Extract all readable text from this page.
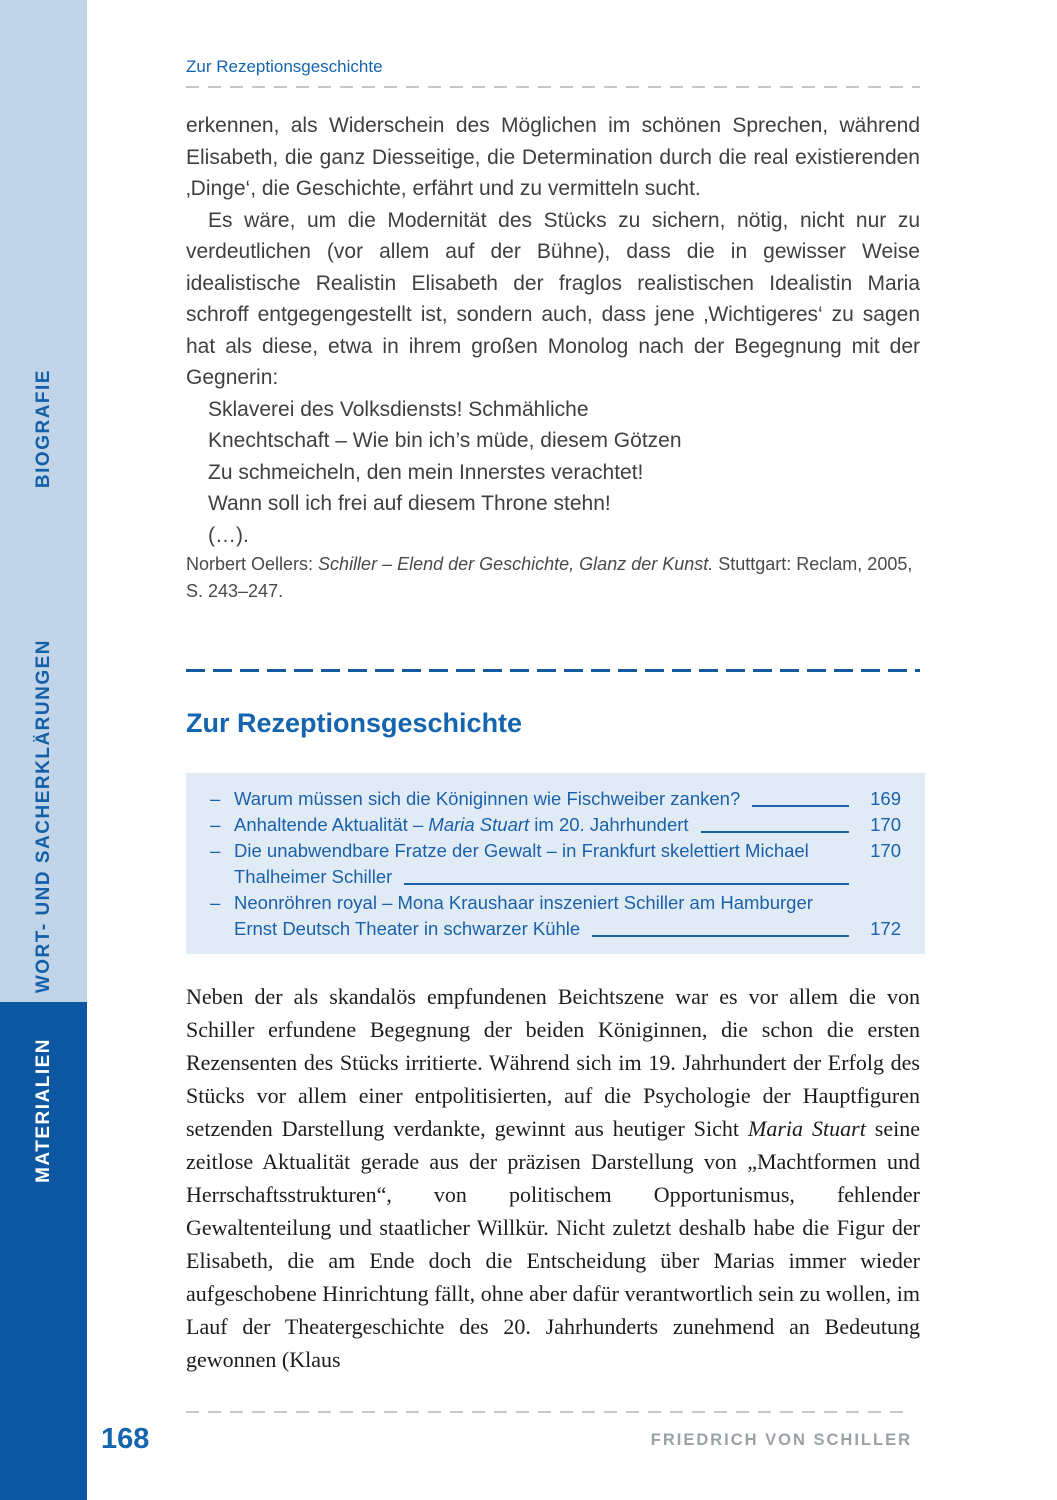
BIOGRAFIE
WORT- UND SACHERKLÄRUNGEN
MATERIALIEN
Zur Rezeptionsgeschichte

erkennen, als Widerschein des Möglichen im schönen Sprechen, während Elisabeth, die ganz Diesseitige, die Determination durch die real existierenden ‚Dinge‘, die Geschichte, erfährt und zu vermitteln sucht.

Es wäre, um die Modernität des Stücks zu sichern, nötig, nicht nur zu verdeutlichen (vor allem auf der Bühne), dass die in gewisser Weise idealistische Realistin Elisabeth der fraglos realistischen Idealistin Maria schroff entgegengestellt ist, sondern auch, dass jene ‚Wichtigeres‘ zu sagen hat als diese, etwa in ihrem großen Monolog nach der Begegnung mit der Gegnerin:

Sklaverei des Volksdiensts! Schmähliche
Knechtschaft – Wie bin ich’s müde, diesem Götzen
Zu schmeicheln, den mein Innerstes verachtet!
Wann soll ich frei auf diesem Throne stehn!
(…).

Norbert Oellers: Schiller – Elend der Geschichte, Glanz der Kunst. Stuttgart: Reclam, 2005, S. 243–247.

Zur Rezeptionsgeschichte
– Warum müssen sich die Königinnen wie Fischweiber zanken?	169
– Anhaltende Aktualität – Maria Stuart im 20. Jahrhundert	170
– Die unabwendbare Fratze der Gewalt – in Frankfurt skelettiert Michael	170
Thalheimer Schiller
– Neonröhren royal – Mona Kraushaar inszeniert Schiller am Hamburger
Ernst Deutsch Theater in schwarzer Kühle	172

Neben der als skandalös empfundenen Beichtszene war es vor allem die von Schiller erfundene Begegnung der beiden Königinnen, die schon die ersten Rezensenten des Stücks irritierte. Während sich im 19. Jahrhundert der Erfolg des Stücks vor allem einer entpolitisierten, auf die Psychologie der Hauptfiguren setzenden Darstellung verdankte, gewinnt aus heutiger Sicht Maria Stuart seine zeitlose Aktualität gerade aus der präzisen Darstellung von „Machtformen und Herrschaftsstrukturen“, von politischem Opportunismus, fehlender Gewaltenteilung und staatlicher Willkür. Nicht zuletzt deshalb habe die Figur der Elisabeth, die am Ende doch die Entscheidung über Marias immer wieder aufgeschobene Hinrichtung fällt, ohne aber dafür verantwortlich sein zu wollen, im Lauf der Theatergeschichte des 20. Jahrhunderts zunehmend an Bedeutung gewonnen (Klaus

168	FRIEDRICH VON SCHILLER
